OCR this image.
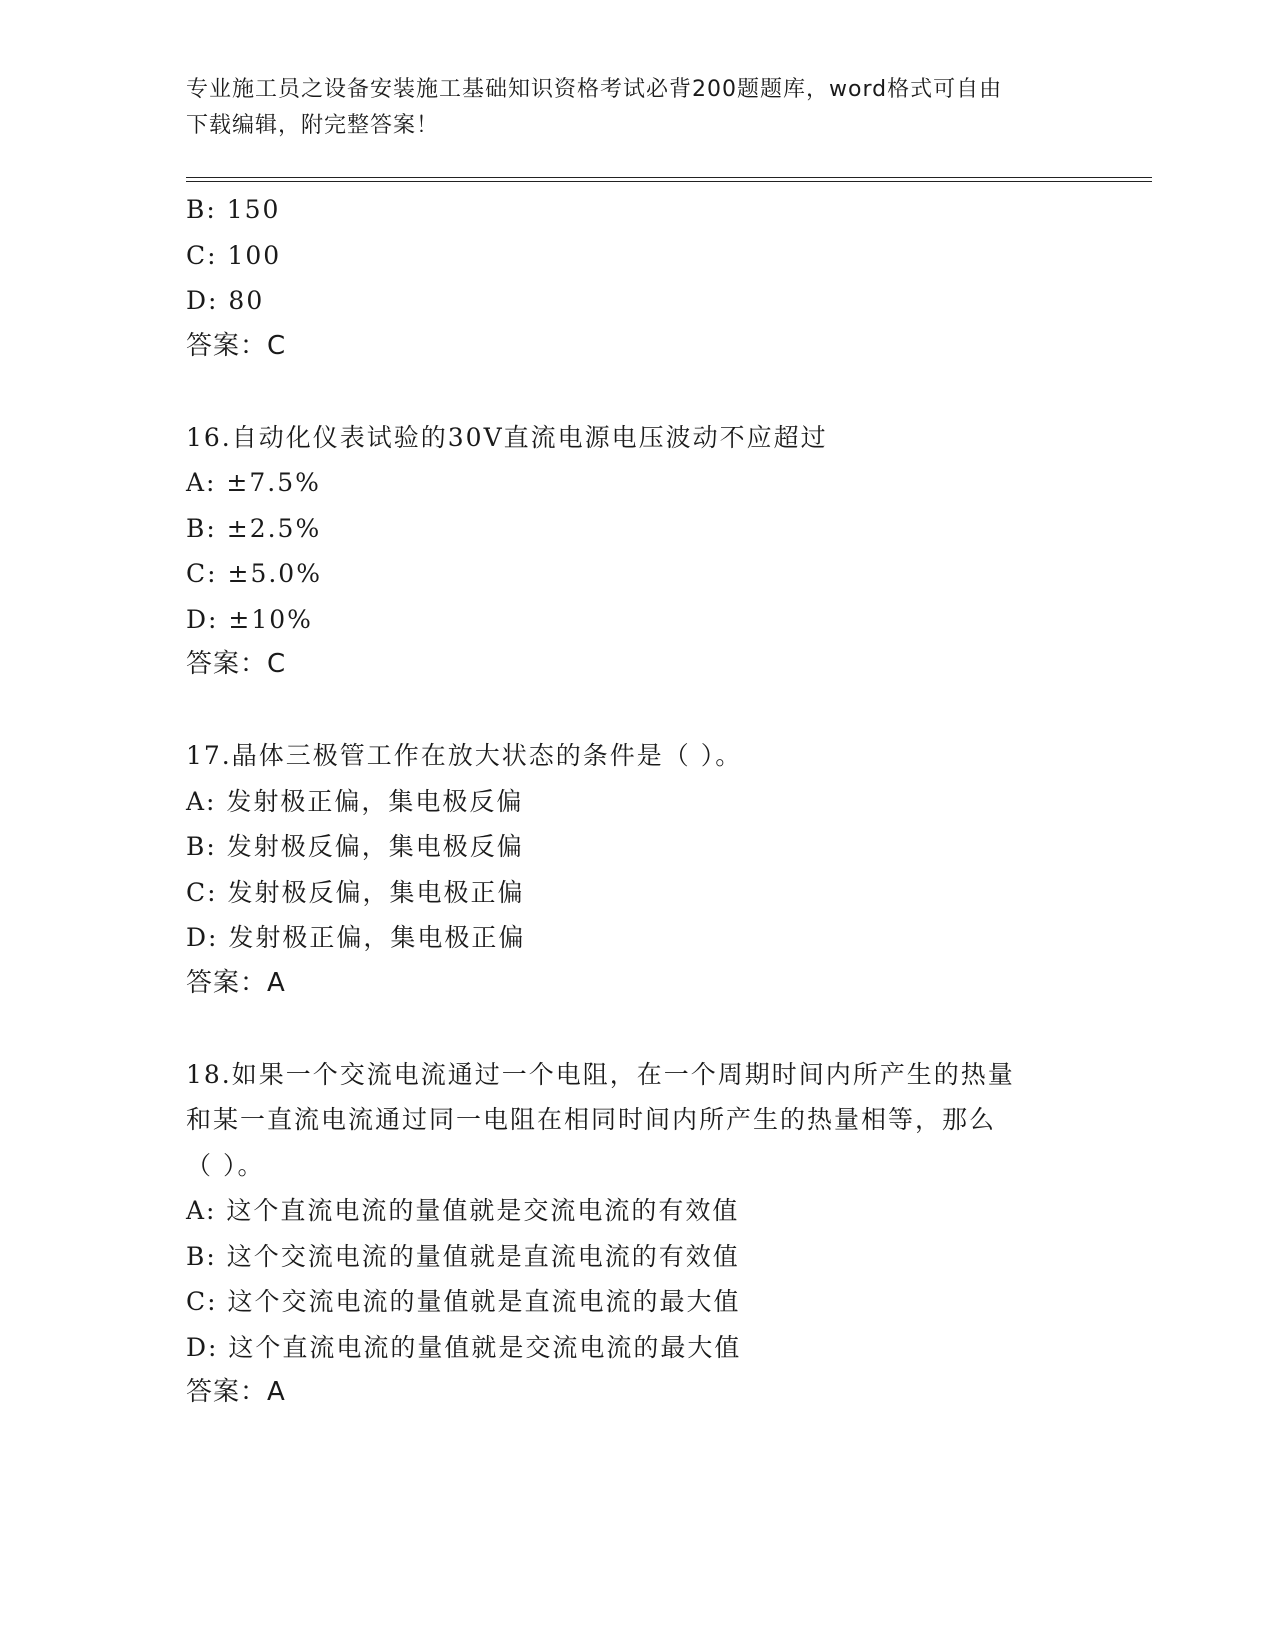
专业施工员之设备安装施工基础知识资格考试必背200题题库，word格式可自由
下载编辑，附完整答案！
B: 150
C: 100
D: 80
答案：C
16.自动化仪表试验的30V直流电源电压波动不应超过
A: ±7.5%
B: ±2.5%
C: ±5.0%
D: ±10%
答案：C
17.晶体三极管工作在放大状态的条件是（ ）。
A: 发射极正偏，集电极反偏
B: 发射极反偏，集电极反偏
C: 发射极反偏，集电极正偏
D: 发射极正偏，集电极正偏
答案：A
18.如果一个交流电流通过一个电阻，在一个周期时间内所产生的热量
和某一直流电流通过同一电阻在相同时间内所产生的热量相等，那么
（ ）。
A: 这个直流电流的量值就是交流电流的有效值
B: 这个交流电流的量值就是直流电流的有效值
C: 这个交流电流的量值就是直流电流的最大值
D: 这个直流电流的量值就是交流电流的最大值
答案：A
